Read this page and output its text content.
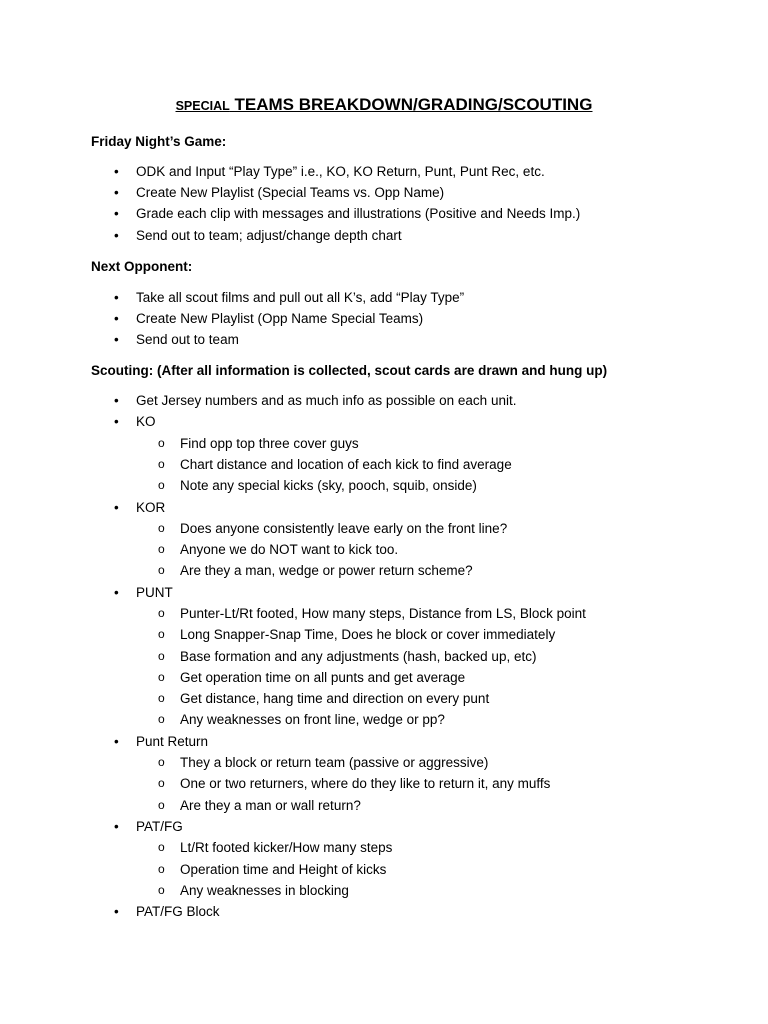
SPECIAL TEAMS BREAKDOWN/GRADING/SCOUTING
Friday Night’s Game:
• ODK and Input “Play Type” i.e., KO, KO Return, Punt, Punt Rec, etc.
• Create New Playlist (Special Teams vs. Opp Name)
• Grade each clip with messages and illustrations (Positive and Needs Imp.)
• Send out to team; adjust/change depth chart
Next Opponent:
• Take all scout films and pull out all K’s, add “Play Type”
• Create New Playlist (Opp Name Special Teams)
• Send out to team
Scouting: (After all information is collected, scout cards are drawn and hung up)
• Get Jersey numbers and as much info as possible on each unit.
• KO
o Find opp top three cover guys
o Chart distance and location of each kick to find average
o Note any special kicks (sky, pooch, squib, onside)
• KOR
o Does anyone consistently leave early on the front line?
o Anyone we do NOT want to kick too.
o Are they a man, wedge or power return scheme?
• PUNT
o Punter-Lt/Rt footed, How many steps, Distance from LS, Block point
o Long Snapper-Snap Time, Does he block or cover immediately
o Base formation and any adjustments (hash, backed up, etc)
o Get operation time on all punts and get average
o Get distance, hang time and direction on every punt
o Any weaknesses on front line, wedge or pp?
• Punt Return
o They a block or return team (passive or aggressive)
o One or two returners, where do they like to return it, any muffs
o Are they a man or wall return?
• PAT/FG
o Lt/Rt footed kicker/How many steps
o Operation time and Height of kicks
o Any weaknesses in blocking
• PAT/FG Block
